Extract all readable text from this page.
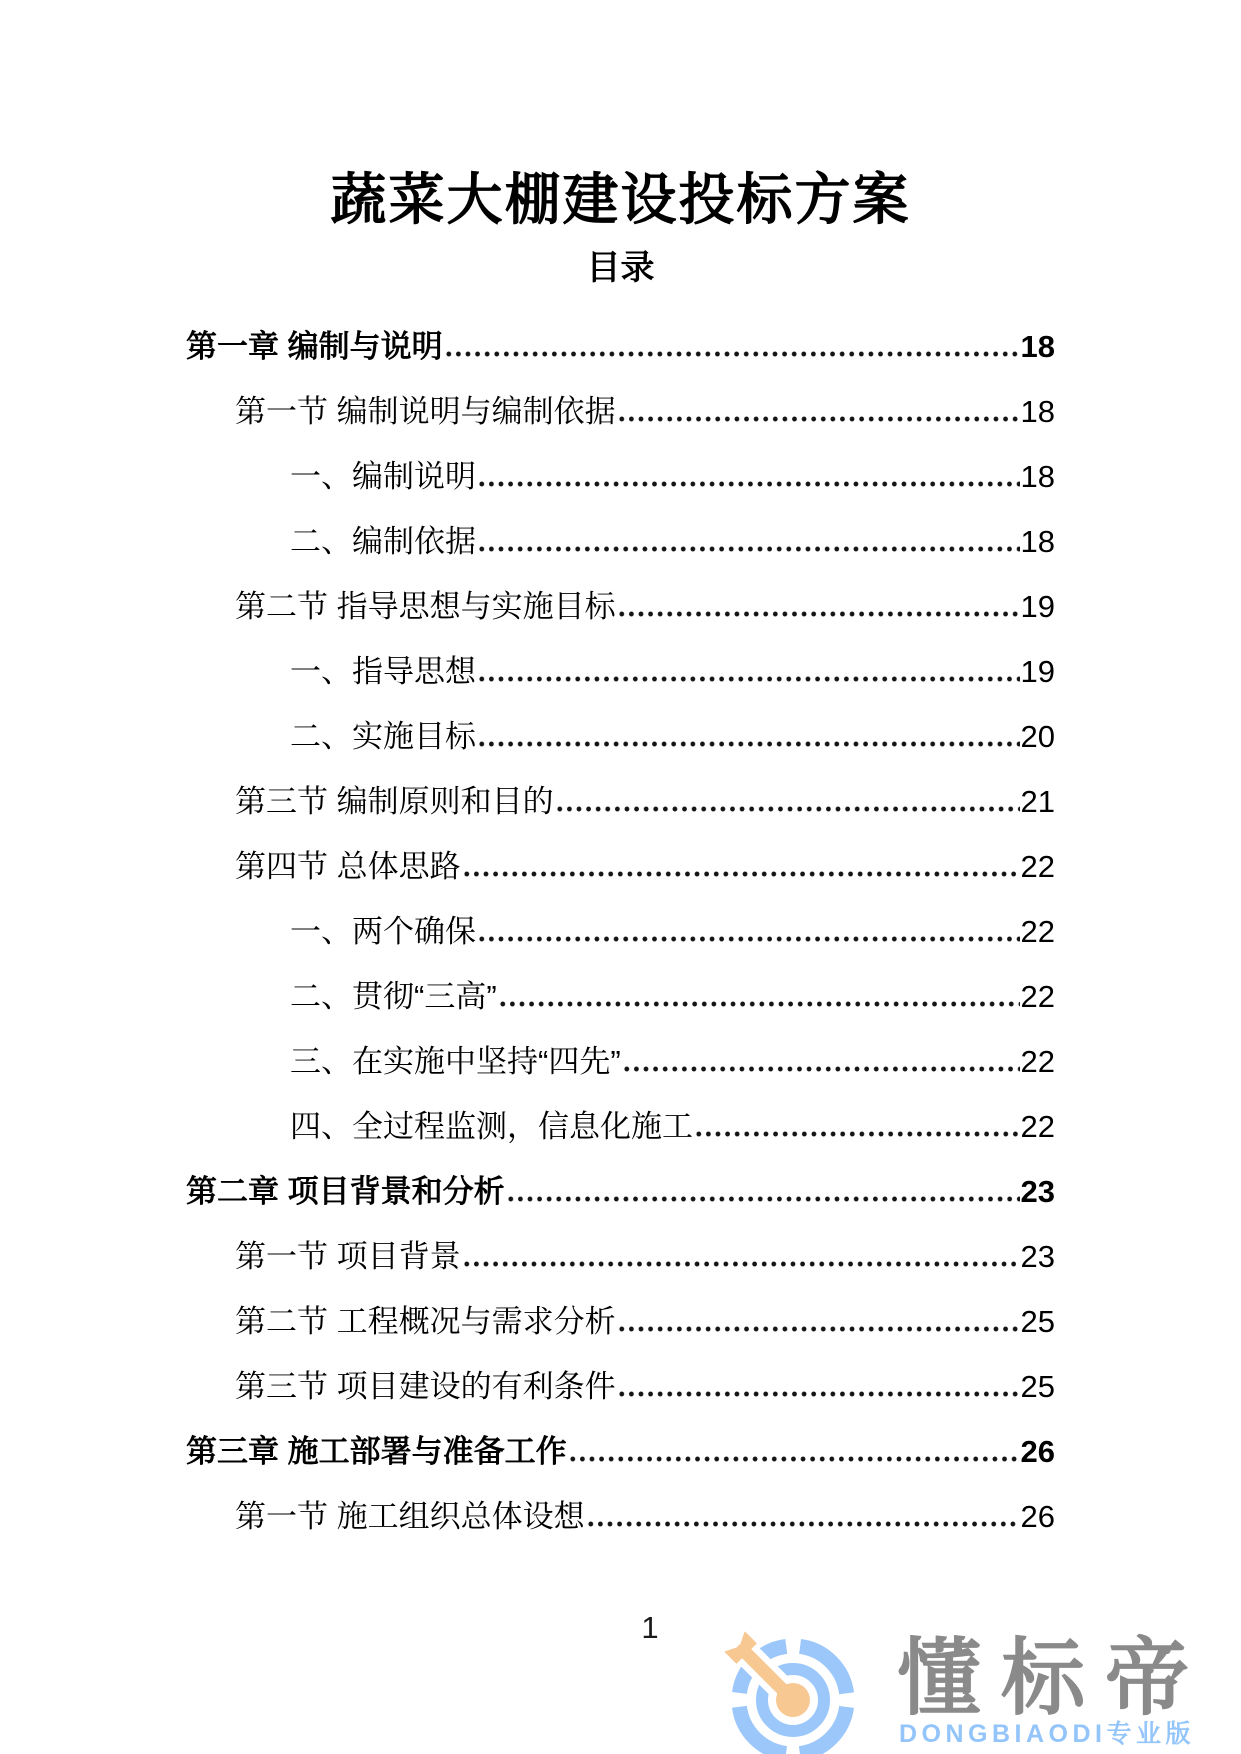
蔬菜大棚建设投标方案
目录
第一章 编制与说明	18
第一节 编制说明与编制依据	18
一、编制说明	18
二、编制依据	18
第二节 指导思想与实施目标	19
一、指导思想	19
二、实施目标	20
第三节 编制原则和目的	21
第四节 总体思路	22
一、两个确保	22
二、贯彻“三高”	22
三、在实施中坚持“四先”	22
四、全过程监测，信息化施工	22
第二章 项目背景和分析	23
第一节 项目背景	23
第二节 工程概况与需求分析	25
第三节 项目建设的有利条件	25
第三章 施工部署与准备工作	26
第一节 施工组织总体设想	26
1
懂标帝
DONGBIAODI专业版
